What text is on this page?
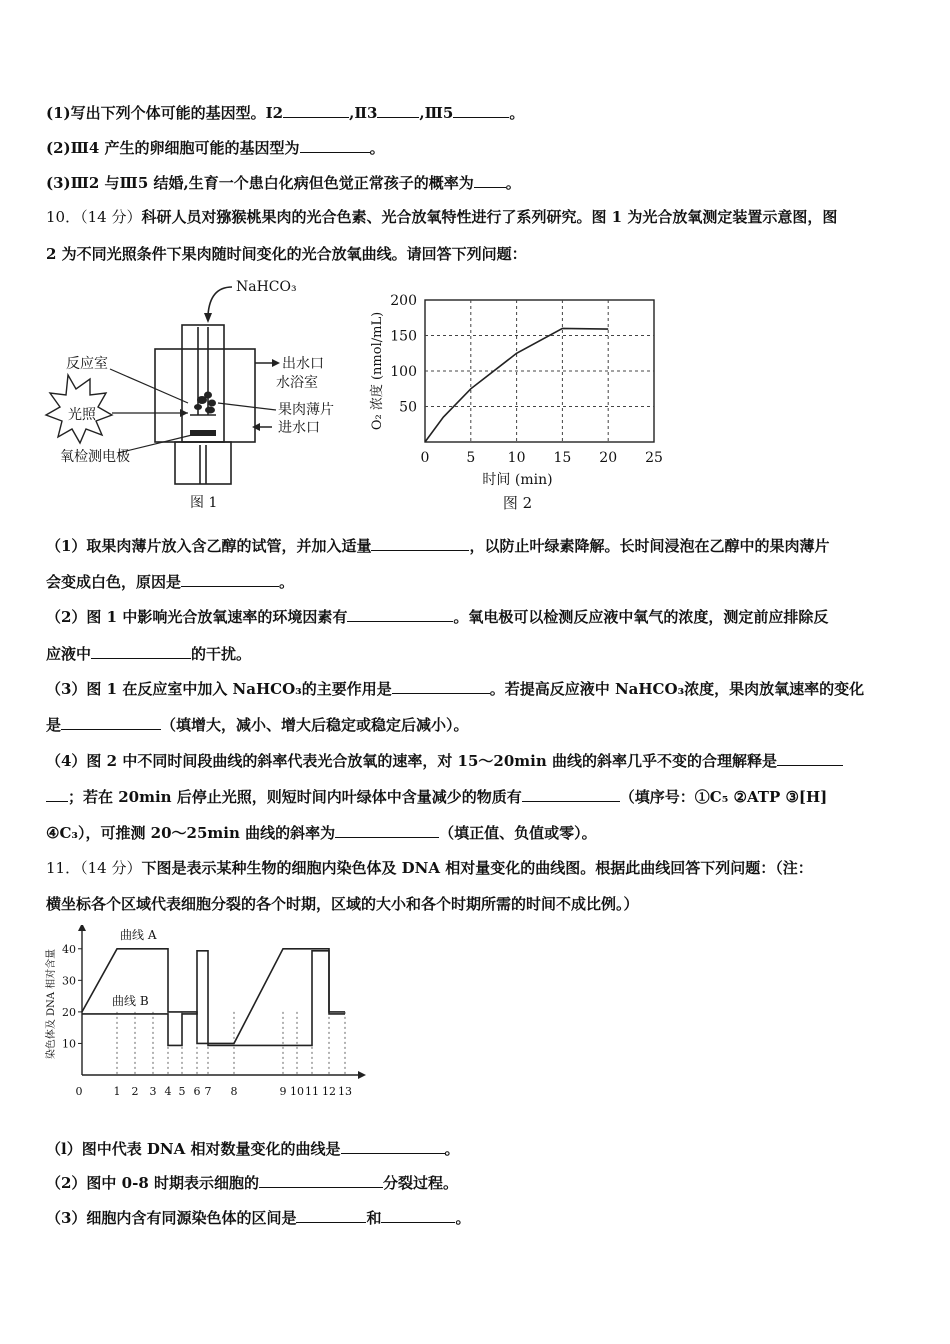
(1)写出下列个体可能的基因型。Ⅰ2	,Ⅱ3	,Ⅲ5	。
(2)Ⅲ4 产生的卵细胞可能的基因型为	。
(3)Ⅲ2 与Ⅲ5 结婚,生育一个患白化病但色觉正常孩子的概率为 。
10．（14 分）科研人员对猕猴桃果肉的光合色素、光合放氧特性进行了系列研究。图 1 为光合放氧测定装置示意图，图
2 为不同光照条件下果肉随时间变化的光合放氧曲线。请回答下列问题：
NaHCO₃
出水口
水浴室
反应室
果肉薄片
进水口
氧检测电极
图 1
光照	50
100
150
200
0	5 10 15 20 25
时间 (min)
O₂ 浓度 (nmol/mL)
图 2
（1）取果肉薄片放入含乙醇的试管，并加入适量	，以防止叶绿素降解。长时间浸泡在乙醇中的果肉薄片
会变成白色，原因是	。
（2）图 1 中影响光合放氧速率的环境因素有	。氧电极可以检测反应液中氧气的浓度，测定前应排除反
应液中	的干扰。
（3）图 1 在反应室中加入 NaHCO₃的主要作用是	。若提高反应液中 NaHCO₃浓度，果肉放氧速率的变化
是	（填增大，减小、增大后稳定或稳定后减小）。
（4）图 2 中不同时间段曲线的斜率代表光合放氧的速率，对 15～20min 曲线的斜率几乎不变的合理解释是
；若在 20min 后停止光照，则短时间内叶绿体中含量减少的物质有	（填序号：①C₅ ②ATP ③[H]
④C₃），可推测 20～25min 曲线的斜率为	（填正值、负值或零）。
11．（14 分）下图是表示某种生物的细胞内染色体及 DNA 相对量变化的曲线图。根据此曲线回答下列问题：（注：
横坐标各个区域代表细胞分裂的各个时期，区域的大小和各个时期所需的时间不成比例。）
10
20
30
40
0	1 2 3 4 5 6 7 8	9 10 11 12 13
曲线 A
曲线 B
染色体及 DNA 相对含量
（l）图中代表 DNA 相对数量变化的曲线是	。
（2）图中 0-8 时期表示细胞的	分裂过程。
（3）细胞内含有同源染色体的区间是	和	。
